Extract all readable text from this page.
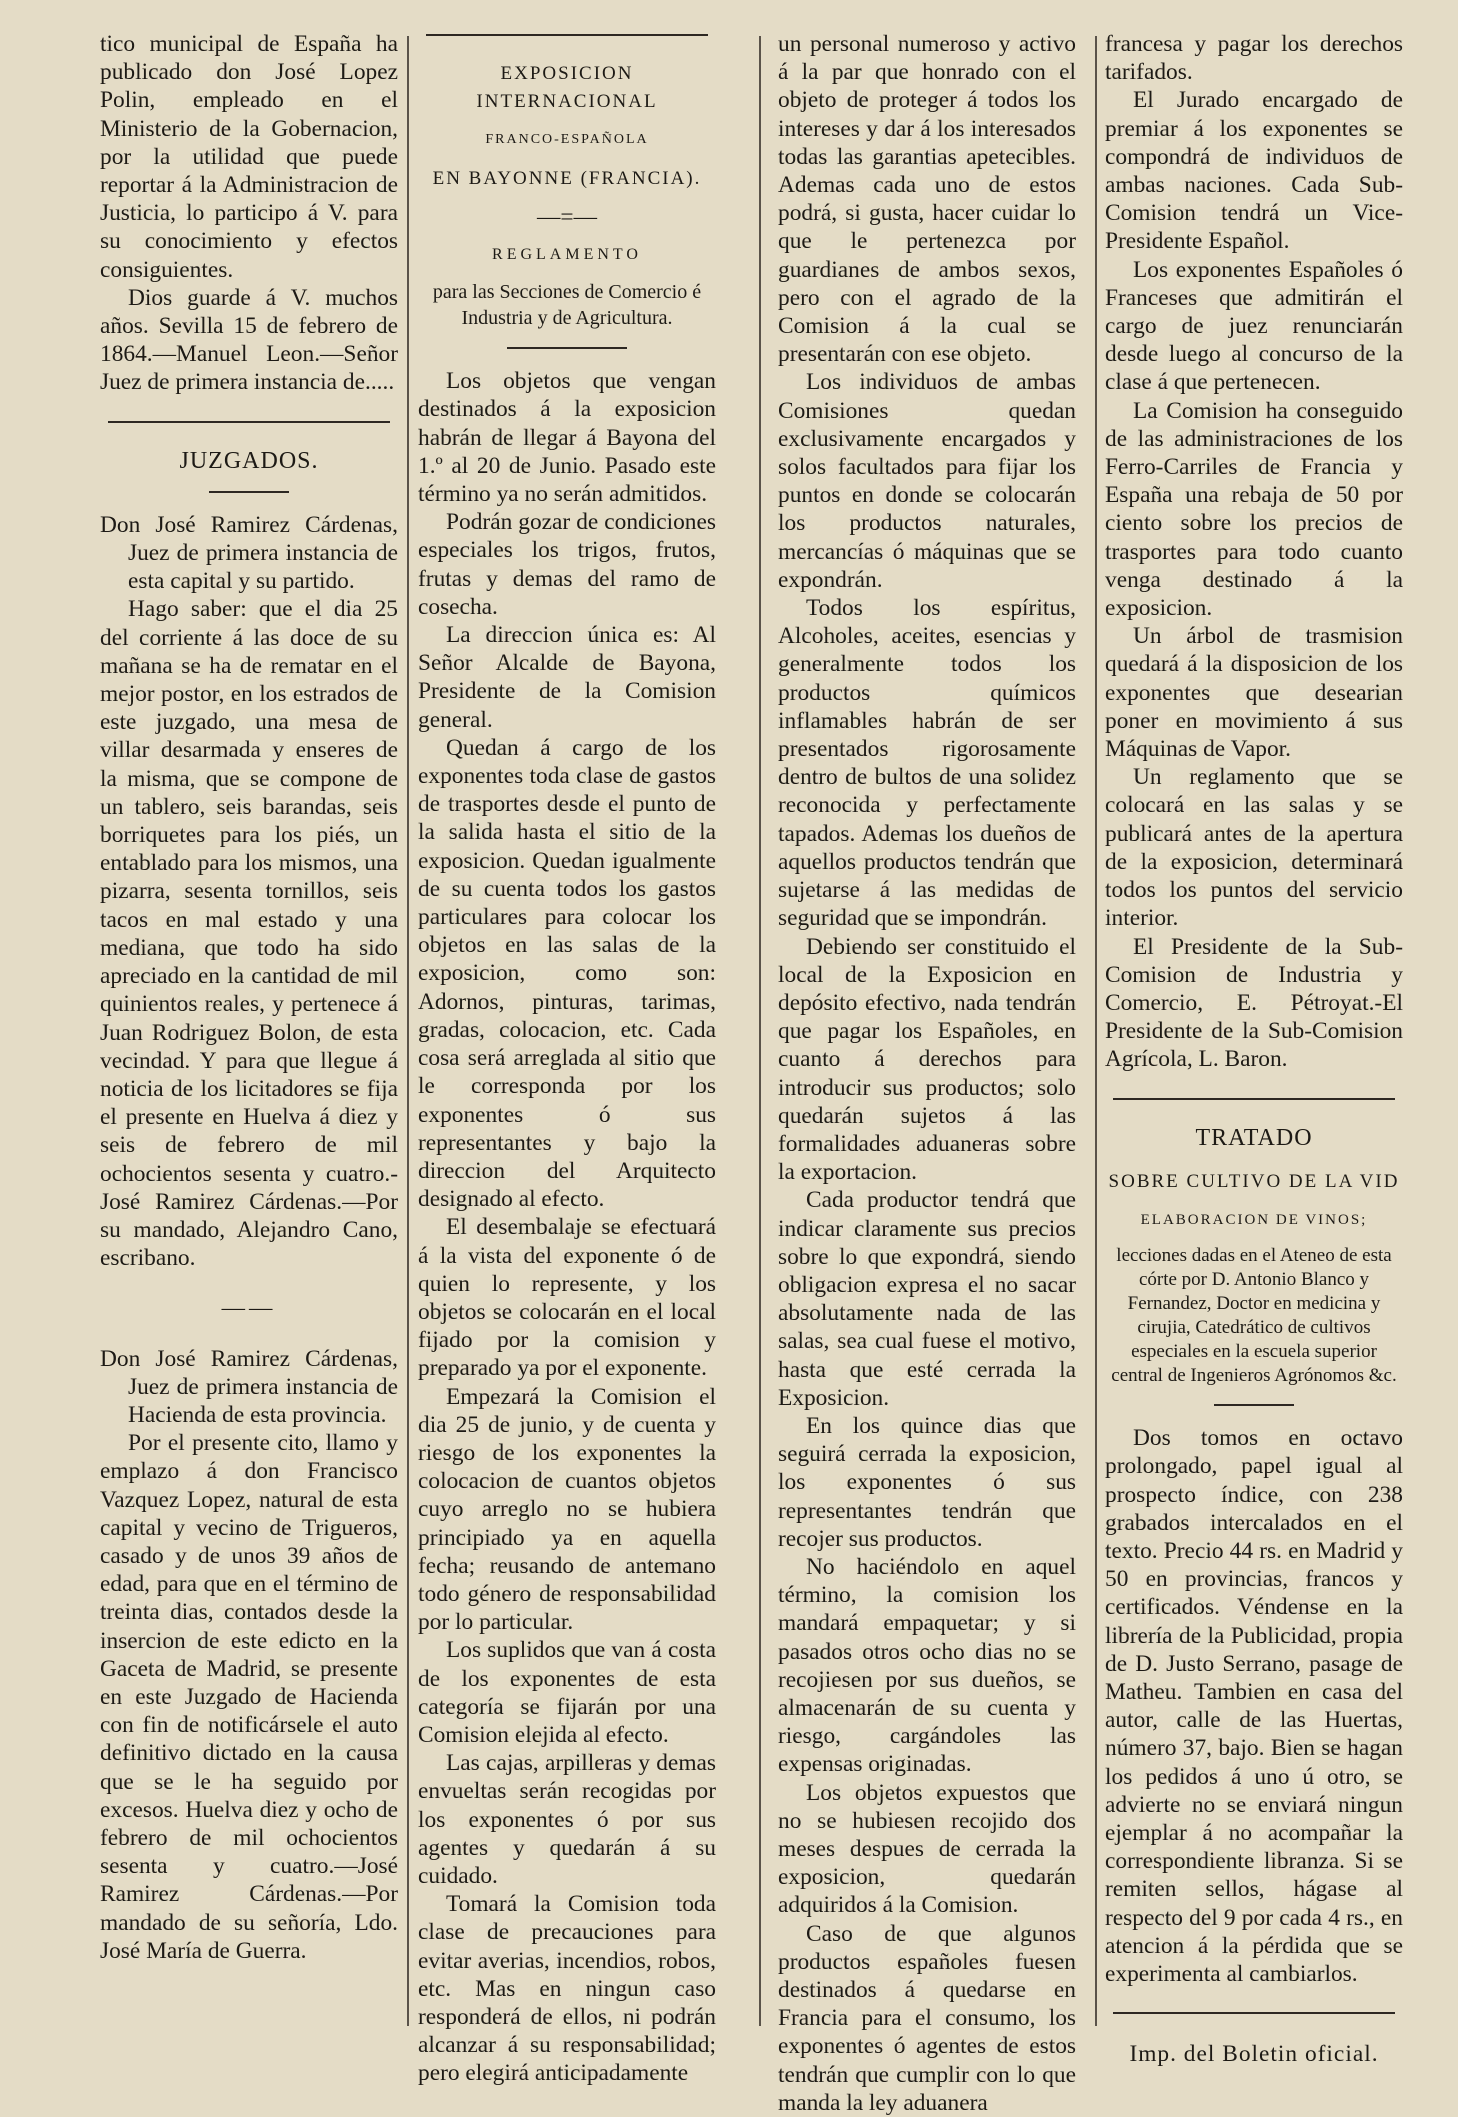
tico municipal de España ha publicado don José Lopez Polin, empleado en el Ministerio de la Gobernacion, por la utilidad que puede reportar á la Administracion de Justicia, lo participo á V. para su conocimiento y efectos consiguientes.

Dios guarde á V. muchos años. Sevilla 15 de febrero de 1864.—Manuel Leon.—Señor Juez de primera instancia de.....

JUZGADOS.

Don José Ramirez Cárdenas, Juez de primera instancia de esta capital y su partido.

Hago saber: que el dia 25 del corriente á las doce de su mañana se ha de rematar en el mejor postor, en los estrados de este juzgado, una mesa de villar desarmada y enseres de la misma, que se compone de un tablero, seis barandas, seis borriquetes para los piés, un entablado para los mismos, una pizarra, sesenta tornillos, seis tacos en mal estado y una mediana, que todo ha sido apreciado en la cantidad de mil quinientos reales, y pertenece á Juan Rodriguez Bolon, de esta vecindad. Y para que llegue á noticia de los licitadores se fija el presente en Huelva á diez y seis de febrero de mil ochocientos sesenta y cuatro.-José Ramirez Cárdenas.—Por su mandado, Alejandro Cano, escribano.

——

Don José Ramirez Cárdenas, Juez de primera instancia de Hacienda de esta provincia.

Por el presente cito, llamo y emplazo á don Francisco Vazquez Lopez, natural de esta capital y vecino de Trigueros, casado y de unos 39 años de edad, para que en el término de treinta dias, contados desde la insercion de este edicto en la Gaceta de Madrid, se presente en este Juzgado de Hacienda con fin de notificársele el auto definitivo dictado en la causa que se le ha seguido por excesos. Huelva diez y ocho de febrero de mil ochocientos sesenta y cuatro.—José Ramirez Cárdenas.—Por mandado de su señoría, Ldo. José María de Guerra.

EXPOSICION INTERNACIONAL

FRANCO-ESPAÑOLA

EN BAYONNE (FRANCIA).

—=—

REGLAMENTO

para las Secciones de Comercio é Industria y de Agricultura.

Los objetos que vengan destinados á la exposicion habrán de llegar á Bayona del 1.º al 20 de Junio. Pasado este término ya no serán admitidos.

Podrán gozar de condiciones especiales los trigos, frutos, frutas y demas del ramo de cosecha.

La direccion única es: Al Señor Alcalde de Bayona, Presidente de la Comision general.

Quedan á cargo de los exponentes toda clase de gastos de trasportes desde el punto de la salida hasta el sitio de la exposicion. Quedan igualmente de su cuenta todos los gastos particulares para colocar los objetos en las salas de la exposicion, como son: Adornos, pinturas, tarimas, gradas, colocacion, etc. Cada cosa será arreglada al sitio que le corresponda por los exponentes ó sus representantes y bajo la direccion del Arquitecto designado al efecto.

El desembalaje se efectuará á la vista del exponente ó de quien lo represente, y los objetos se colocarán en el local fijado por la comision y preparado ya por el exponente.

Empezará la Comision el dia 25 de junio, y de cuenta y riesgo de los exponentes la colocacion de cuantos objetos cuyo arreglo no se hubiera principiado ya en aquella fecha; reusando de antemano todo género de responsabilidad por lo particular.

Los suplidos que van á costa de los exponentes de esta categoría se fijarán por una Comision elejida al efecto.

Las cajas, arpilleras y demas envueltas serán recogidas por los exponentes ó por sus agentes y quedarán á su cuidado.

Tomará la Comision toda clase de precauciones para evitar averias, incendios, robos, etc. Mas en ningun caso responderá de ellos, ni podrán alcanzar á su responsabilidad; pero elegirá anticipadamente

un personal numeroso y activo á la par que honrado con el objeto de proteger á todos los intereses y dar á los interesados todas las garantias apetecibles. Ademas cada uno de estos podrá, si gusta, hacer cuidar lo que le pertenezca por guardianes de ambos sexos, pero con el agrado de la Comision á la cual se presentarán con ese objeto.

Los individuos de ambas Comisiones quedan exclusivamente encargados y solos facultados para fijar los puntos en donde se colocarán los productos naturales, mercancías ó máquinas que se expondrán.

Todos los espíritus, Alcoholes, aceites, esencias y generalmente todos los productos químicos inflamables habrán de ser presentados rigorosamente dentro de bultos de una solidez reconocida y perfectamente tapados. Ademas los dueños de aquellos productos tendrán que sujetarse á las medidas de seguridad que se impondrán.

Debiendo ser constituido el local de la Exposicion en depósito efectivo, nada tendrán que pagar los Españoles, en cuanto á derechos para introducir sus productos; solo quedarán sujetos á las formalidades aduaneras sobre la exportacion.

Cada productor tendrá que indicar claramente sus precios sobre lo que expondrá, siendo obligacion expresa el no sacar absolutamente nada de las salas, sea cual fuese el motivo, hasta que esté cerrada la Exposicion.

En los quince dias que seguirá cerrada la exposicion, los exponentes ó sus representantes tendrán que recojer sus productos.

No haciéndolo en aquel término, la comision los mandará empaquetar; y si pasados otros ocho dias no se recojiesen por sus dueños, se almacenarán de su cuenta y riesgo, cargándoles las expensas originadas.

Los objetos expuestos que no se hubiesen recojido dos meses despues de cerrada la exposicion, quedarán adquiridos á la Comision.

Caso de que algunos productos españoles fuesen destinados á quedarse en Francia para el consumo, los exponentes ó agentes de estos tendrán que cumplir con lo que manda la ley aduanera

francesa y pagar los derechos tarifados.

El Jurado encargado de premiar á los exponentes se compondrá de individuos de ambas naciones. Cada Sub-Comision tendrá un Vice-Presidente Español.

Los exponentes Españoles ó Franceses que admitirán el cargo de juez renunciarán desde luego al concurso de la clase á que pertenecen.

La Comision ha conseguido de las administraciones de los Ferro-Carriles de Francia y España una rebaja de 50 por ciento sobre los precios de trasportes para todo cuanto venga destinado á la exposicion.

Un árbol de trasmision quedará á la disposicion de los exponentes que desearian poner en movimiento á sus Máquinas de Vapor.

Un reglamento que se colocará en las salas y se publicará antes de la apertura de la exposicion, determinará todos los puntos del servicio interior.

El Presidente de la Sub-Comision de Industria y Comercio, E. Pétroyat.-El Presidente de la Sub-Comision Agrícola, L. Baron.

TRATADO

SOBRE CULTIVO DE LA VID

ELABORACION DE VINOS;

lecciones dadas en el Ateneo de esta córte por D. Antonio Blanco y Fernandez, Doctor en medicina y cirujia, Catedrático de cultivos especiales en la escuela superior central de Ingenieros Agrónomos &c.

Dos tomos en octavo prolongado, papel igual al prospecto índice, con 238 grabados intercalados en el texto. Precio 44 rs. en Madrid y 50 en provincias, francos y certificados. Véndense en la librería de la Publicidad, propia de D. Justo Serrano, pasage de Matheu. Tambien en casa del autor, calle de las Huertas, número 37, bajo. Bien se hagan los pedidos á uno ú otro, se advierte no se enviará ningun ejemplar á no acompañar la correspondiente libranza. Si se remiten sellos, hágase al respecto del 9 por cada 4 rs., en atencion á la pérdida que se experimenta al cambiarlos.

Imp. del Boletin oficial.
